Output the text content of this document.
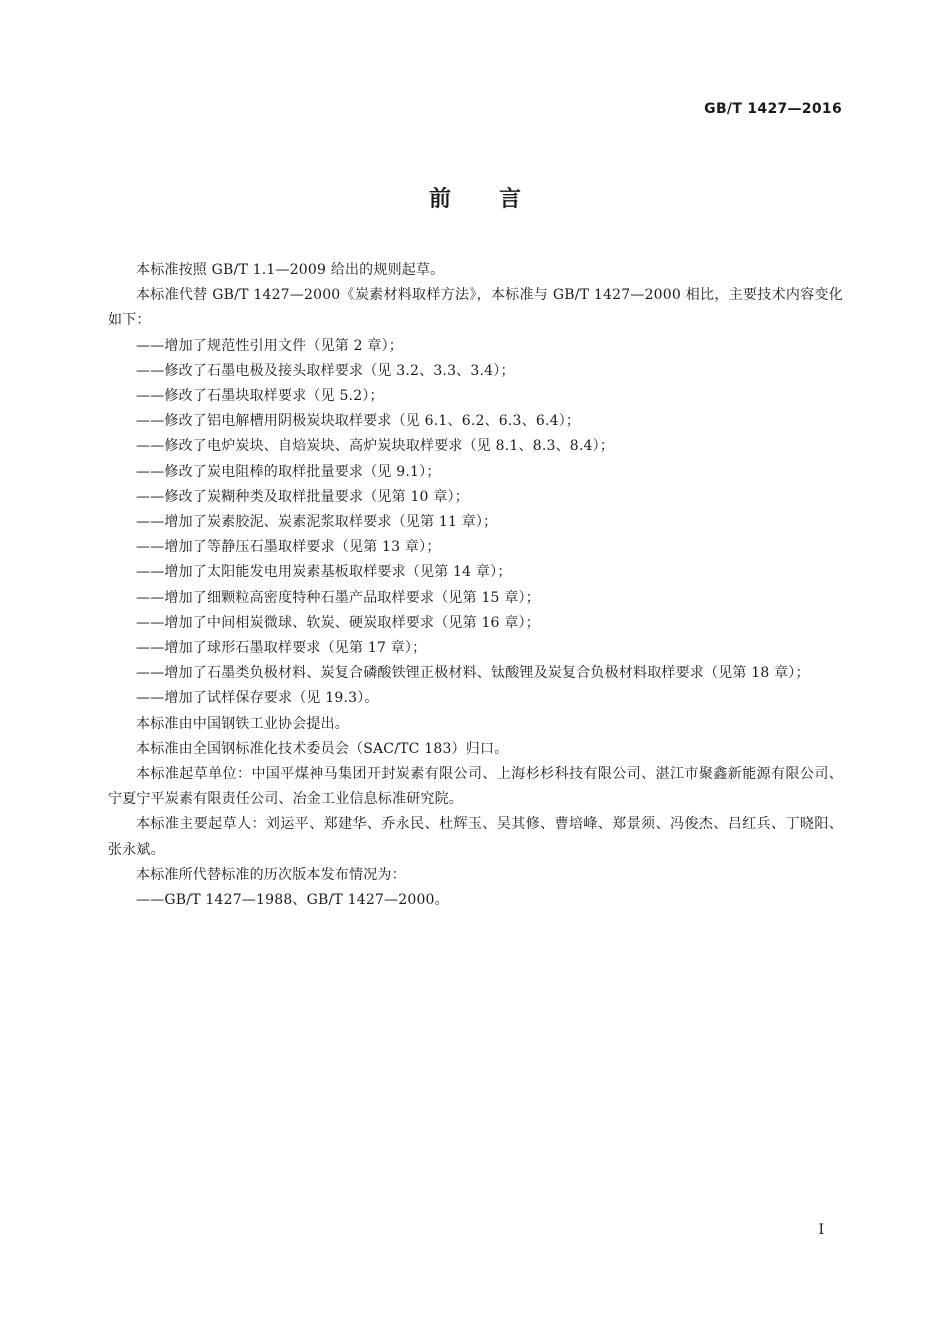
GB/T 1427—2016

前言

本标准按照 GB/T 1.1—2009 给出的规则起草。

本标准代替 GB/T 1427—2000《炭素材料取样方法》，本标准与 GB/T 1427—2000 相比，主要技术内容变化如下：

——增加了规范性引用文件（见第 2 章）；

——修改了石墨电极及接头取样要求（见 3.2、3.3、3.4）；

——修改了石墨块取样要求（见 5.2）；

——修改了铝电解槽用阴极炭块取样要求（见 6.1、6.2、6.3、6.4）；

——修改了电炉炭块、自焙炭块、高炉炭块取样要求（见 8.1、8.3、8.4）；

——修改了炭电阻棒的取样批量要求（见 9.1）；

——修改了炭糊种类及取样批量要求（见第 10 章）；

——增加了炭素胶泥、炭素泥浆取样要求（见第 11 章）；

——增加了等静压石墨取样要求（见第 13 章）；

——增加了太阳能发电用炭素基板取样要求（见第 14 章）；

——增加了细颗粒高密度特种石墨产品取样要求（见第 15 章）；

——增加了中间相炭微球、软炭、硬炭取样要求（见第 16 章）；

——增加了球形石墨取样要求（见第 17 章）；

——增加了石墨类负极材料、炭复合磷酸铁锂正极材料、钛酸锂及炭复合负极材料取样要求（见第 18 章）；

——增加了试样保存要求（见 19.3）。

本标准由中国钢铁工业协会提出。

本标准由全国钢标准化技术委员会（SAC/TC 183）归口。

本标准起草单位：中国平煤神马集团开封炭素有限公司、上海杉杉科技有限公司、湛江市聚鑫新能源有限公司、宁夏宁平炭素有限责任公司、冶金工业信息标准研究院。

本标准主要起草人：刘运平、郑建华、乔永民、杜辉玉、吴其修、曹培峰、郑景须、冯俊杰、吕红兵、丁晓阳、张永斌。

本标准所代替标准的历次版本发布情况为：

——GB/T 1427—1988、GB/T 1427—2000。

I
